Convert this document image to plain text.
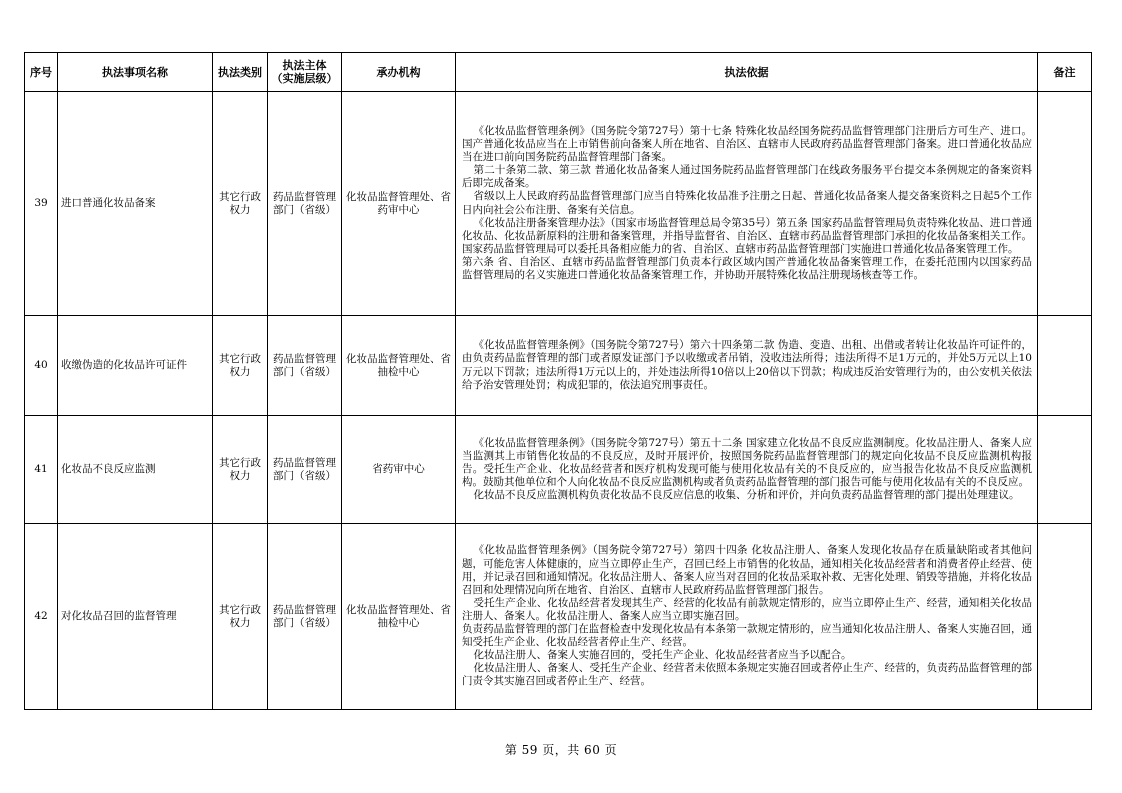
序号	执法事项名称	执法类别	执法主体
（实施层级）	承办机构	执法依据	备注
39	进口普通化妆品备案	其它行政权力	药品监督管理部门（省级）	化妆品监督管理处、省药审中心	《化妆品监督管理条例》（国务院令第727号）第十七条 特殊化妆品经国务院药品监督管理部门注册后方可生产、进口。国产普通化妆品应当在上市销售前向备案人所在地省、自治区、直辖市人民政府药品监督管理部门备案。进口普通化妆品应当在进口前向国务院药品监督管理部门备案。

第二十条第二款、第三款 普通化妆品备案人通过国务院药品监督管理部门在线政务服务平台提交本条例规定的备案资料后即完成备案。

省级以上人民政府药品监督管理部门应当自特殊化妆品准予注册之日起、普通化妆品备案人提交备案资料之日起5个工作日内向社会公布注册、备案有关信息。

《化妆品注册备案管理办法》（国家市场监督管理总局令第35号）第五条 国家药品监督管理局负责特殊化妆品、进口普通化妆品、化妆品新原料的注册和备案管理，并指导监督省、自治区、直辖市药品监督管理部门承担的化妆品备案相关工作。国家药品监督管理局可以委托具备相应能力的省、自治区、直辖市药品监督管理部门实施进口普通化妆品备案管理工作。

第六条 省、自治区、直辖市药品监督管理部门负责本行政区域内国产普通化妆品备案管理工作，在委托范围内以国家药品监督管理局的名义实施进口普通化妆品备案管理工作，并协助开展特殊化妆品注册现场核查等工作。	

40	收缴伪造的化妆品许可证件	其它行政权力	药品监督管理部门（省级）	化妆品监督管理处、省抽检中心	《化妆品监督管理条例》（国务院令第727号）第六十四条第二款 伪造、变造、出租、出借或者转让化妆品许可证件的，由负责药品监督管理的部门或者原发证部门予以收缴或者吊销，没收违法所得；违法所得不足1万元的，并处5万元以上10万元以下罚款；违法所得1万元以上的，并处违法所得10倍以上20倍以下罚款；构成违反治安管理行为的，由公安机关依法给予治安管理处罚；构成犯罪的，依法追究刑事责任。	

41	化妆品不良反应监测	其它行政权力	药品监督管理部门（省级）	省药审中心	《化妆品监督管理条例》（国务院令第727号）第五十二条 国家建立化妆品不良反应监测制度。化妆品注册人、备案人应当监测其上市销售化妆品的不良反应，及时开展评价，按照国务院药品监督管理部门的规定向化妆品不良反应监测机构报告。受托生产企业、化妆品经营者和医疗机构发现可能与使用化妆品有关的不良反应的，应当报告化妆品不良反应监测机构。鼓励其他单位和个人向化妆品不良反应监测机构或者负责药品监督管理的部门报告可能与使用化妆品有关的不良反应。

化妆品不良反应监测机构负责化妆品不良反应信息的收集、分析和评价，并向负责药品监督管理的部门提出处理建议。	

42	对化妆品召回的监督管理	其它行政权力	药品监督管理部门（省级）	化妆品监督管理处、省抽检中心	《化妆品监督管理条例》（国务院令第727号）第四十四条 化妆品注册人、备案人发现化妆品存在质量缺陷或者其他问题，可能危害人体健康的，应当立即停止生产，召回已经上市销售的化妆品，通知相关化妆品经营者和消费者停止经营、使用，并记录召回和通知情况。化妆品注册人、备案人应当对召回的化妆品采取补救、无害化处理、销毁等措施，并将化妆品召回和处理情况向所在地省、自治区、直辖市人民政府药品监督管理部门报告。

受托生产企业、化妆品经营者发现其生产、经营的化妆品有前款规定情形的，应当立即停止生产、经营，通知相关化妆品注册人、备案人。化妆品注册人、备案人应当立即实施召回。

负责药品监督管理的部门在监督检查中发现化妆品有本条第一款规定情形的，应当通知化妆品注册人、备案人实施召回，通知受托生产企业、化妆品经营者停止生产、经营。

化妆品注册人、备案人实施召回的，受托生产企业、化妆品经营者应当予以配合。

化妆品注册人、备案人、受托生产企业、经营者未依照本条规定实施召回或者停止生产、经营的，负责药品监督管理的部门责令其实施召回或者停止生产、经营。	

第 59 页，共 60 页
